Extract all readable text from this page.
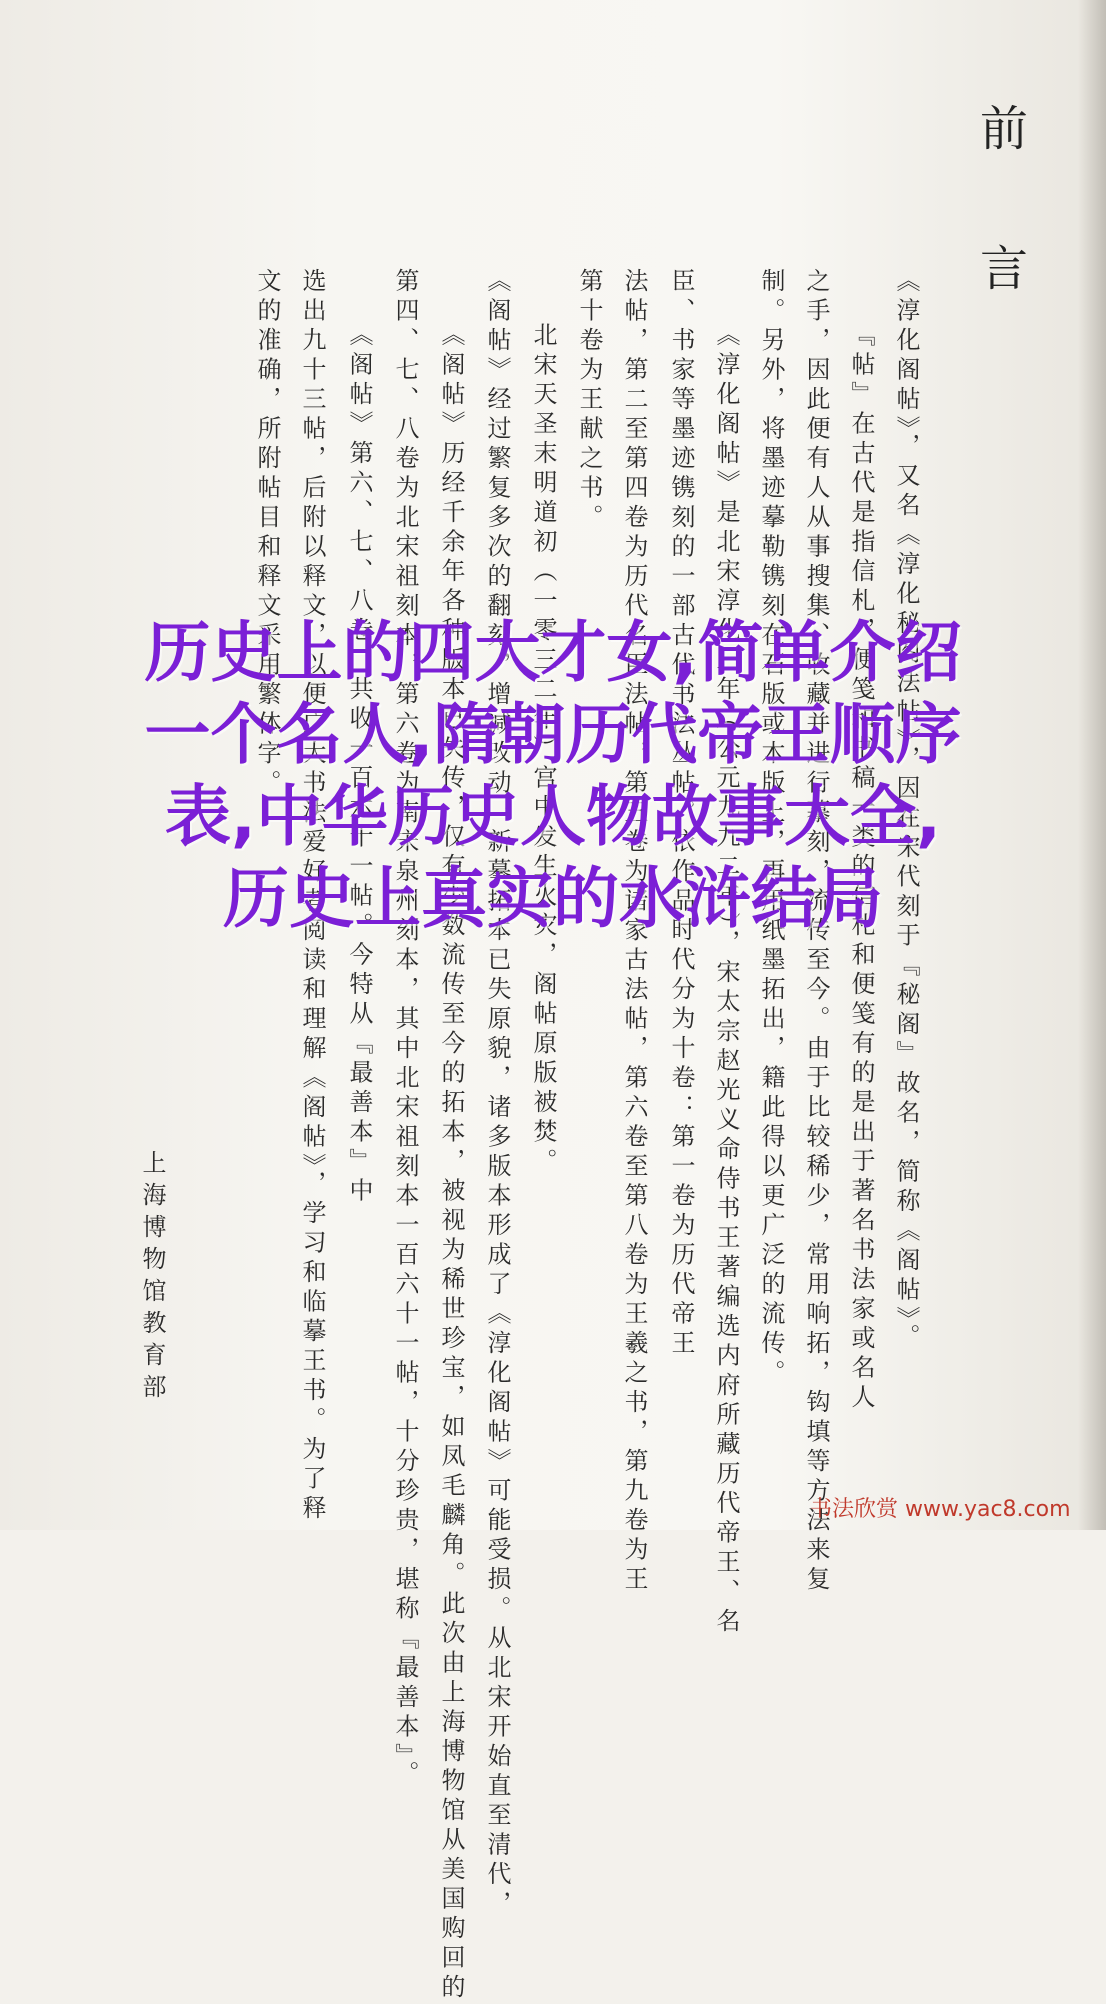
前
言
《淳化阁帖》，又名《淳化秘阁法帖》，因在宋代刻于『秘阁』故名，简称《阁帖》。
『帖』在古代是指信札，便笺和书稿一类的信札和便笺有的是出于著名书法家或名人
之手，因此便有人从事搜集、收藏并进行摹刻，流传至今。由于比较稀少，常用响拓，钩填等方法来复
制。另外，将墨迹摹勒镌刻在石版或木版上，再用纸墨拓出，籍此得以更广泛的流传。
《淳化阁帖》是北宋淳化三年（公元九九二年），宋太宗赵光义命侍书王著编选内府所藏历代帝王、名
臣、书家等墨迹镌刻的一部古代书法丛帖。依作品时代分为十卷：第一卷为历代帝王
法帖，第二至第四卷为历代名臣法帖，第五卷为诸家古法帖，第六卷至第八卷为王羲之书，第九卷为王
第十卷为王献之书。
北宋天圣末明道初（一零三二年）宫中发生火灾，阁帖原版被焚。
《阁帖》经过繁复多次的翻刻，增减改动，新摹拓本已失原貌，诸多版本形成了《淳化阁帖》可能受损。从北宋开始直至清代，
《阁帖》历经千余年各种版本已失传，仅有少数流传至今的拓本，被视为稀世珍宝，如凤毛麟角。此次由上海博物馆从美国购回的
第四、七、八卷为北宋祖刻本，第六卷为南宋泉州刻本，其中北宋祖刻本一百六十一帖，十分珍贵，堪称『最善本』。
《阁帖》第六、七、八卷，共收一百六十一帖。今特从『最善本』中
选出九十三帖，后附以释文，以便广大书法爱好者阅读和理解《阁帖》，学习和临摹王书。为了释
文的准确，所附帖目和释文采用繁体字。
上海博物馆教育部
历史上的四大才女,简单介绍
一个名人,隋朝历代帝王顺序
表,中华历史人物故事大全,
历史上真实的水浒结局
书法欣赏 www.yac8.com
